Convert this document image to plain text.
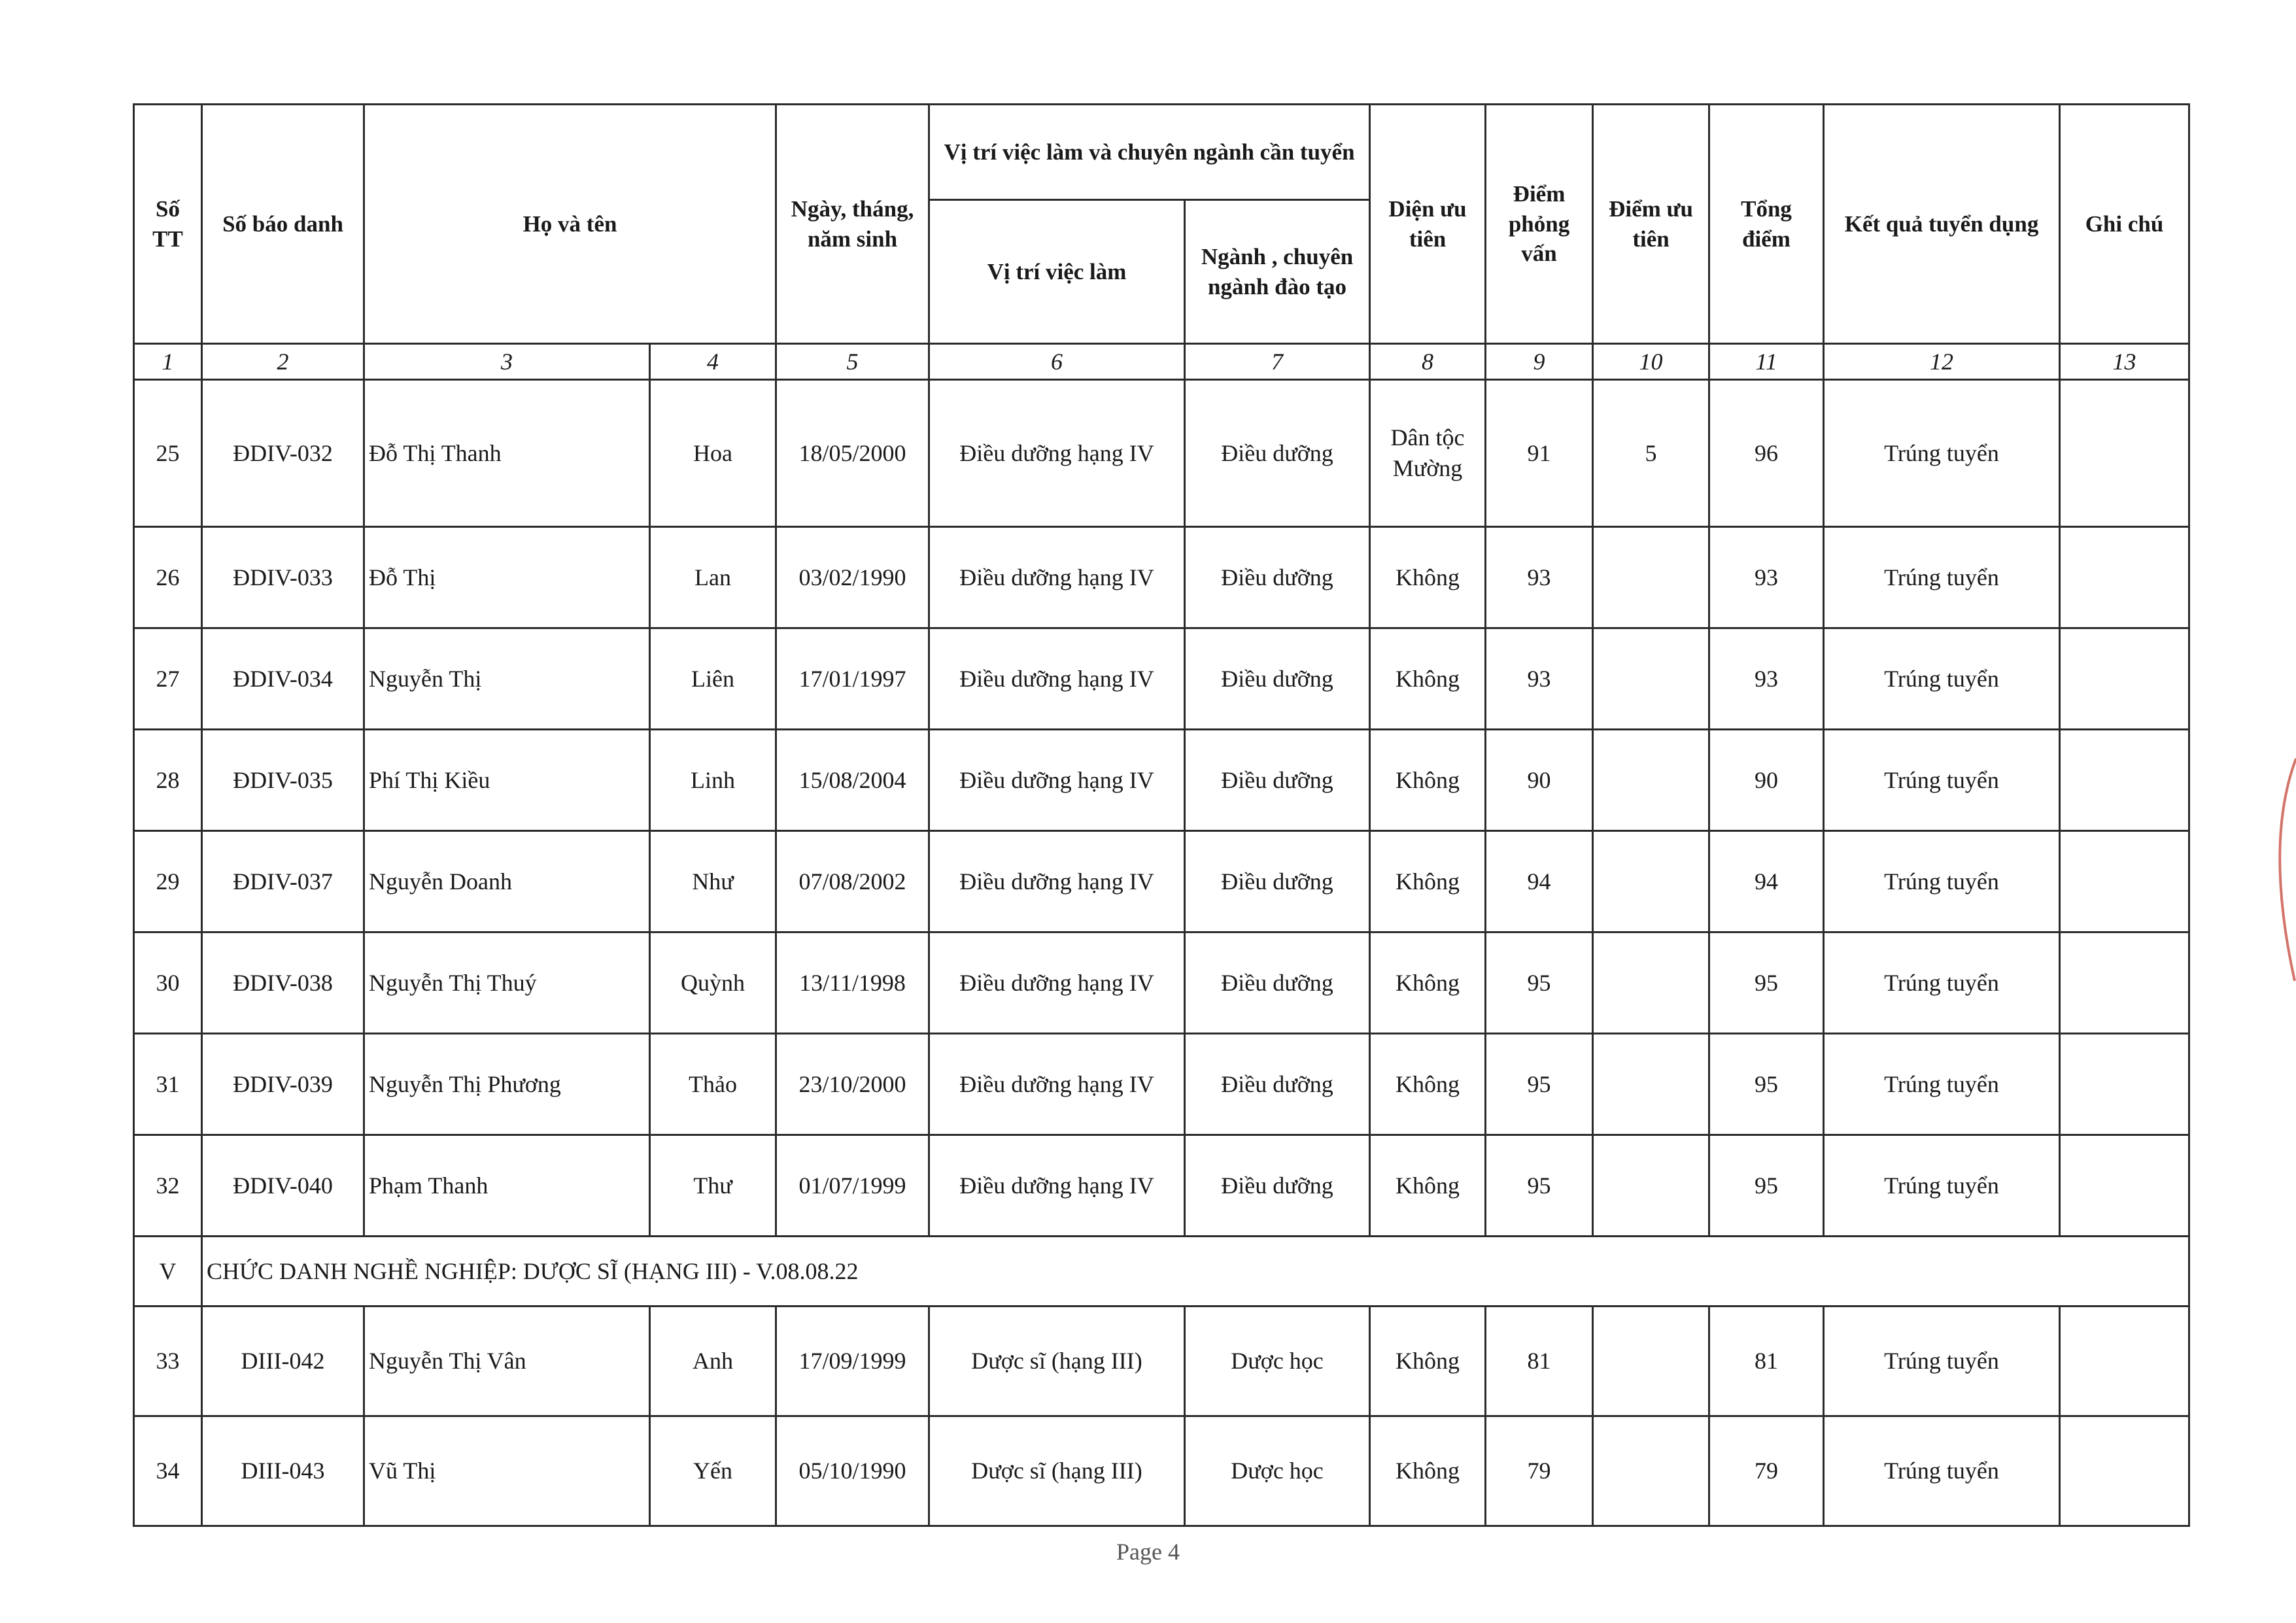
Số TT	Số báo danh	Họ và tên		Ngày, tháng, năm sinh	Vị trí việc làm và chuyên ngành cần tuyển		Diện ưu tiên	Điểm phỏng vấn	Điểm ưu tiên	Tổng điểm	Kết quả tuyển dụng	Ghi chú
					Vị trí việc làm	Ngành , chuyên ngành đào tạo						
1	2	3	4	5	6	7	8	9	10	11	12	13
25	ĐDIV-032	Đỗ Thị Thanh	Hoa	18/05/2000	Điều dưỡng hạng IV	Điều dưỡng	Dân tộc Mường	91	5	96	Trúng tuyển	
26	ĐDIV-033	Đỗ Thị	Lan	03/02/1990	Điều dưỡng hạng IV	Điều dưỡng	Không	93		93	Trúng tuyển	
27	ĐDIV-034	Nguyễn Thị	Liên	17/01/1997	Điều dưỡng hạng IV	Điều dưỡng	Không	93		93	Trúng tuyển	
28	ĐDIV-035	Phí Thị Kiều	Linh	15/08/2004	Điều dưỡng hạng IV	Điều dưỡng	Không	90		90	Trúng tuyển	
29	ĐDIV-037	Nguyễn Doanh	Như	07/08/2002	Điều dưỡng hạng IV	Điều dưỡng	Không	94		94	Trúng tuyển	
30	ĐDIV-038	Nguyễn Thị Thuý	Quỳnh	13/11/1998	Điều dưỡng hạng IV	Điều dưỡng	Không	95		95	Trúng tuyển	
31	ĐDIV-039	Nguyễn Thị Phương	Thảo	23/10/2000	Điều dưỡng hạng IV	Điều dưỡng	Không	95		95	Trúng tuyển	
32	ĐDIV-040	Phạm Thanh	Thư	01/07/1999	Điều dưỡng hạng IV	Điều dưỡng	Không	95		95	Trúng tuyển	
V	CHỨC DANH NGHỀ NGHIỆP: DƯỢC SĨ (HẠNG III) - V.08.08.22											
33	DIII-042	Nguyễn Thị Vân	Anh	17/09/1999	Dược sĩ (hạng III)	Dược học	Không	81		81	Trúng tuyển	
34	DIII-043	Vũ Thị	Yến	05/10/1990	Dược sĩ (hạng III)	Dược học	Không	79		79	Trúng tuyển	
Page 4
